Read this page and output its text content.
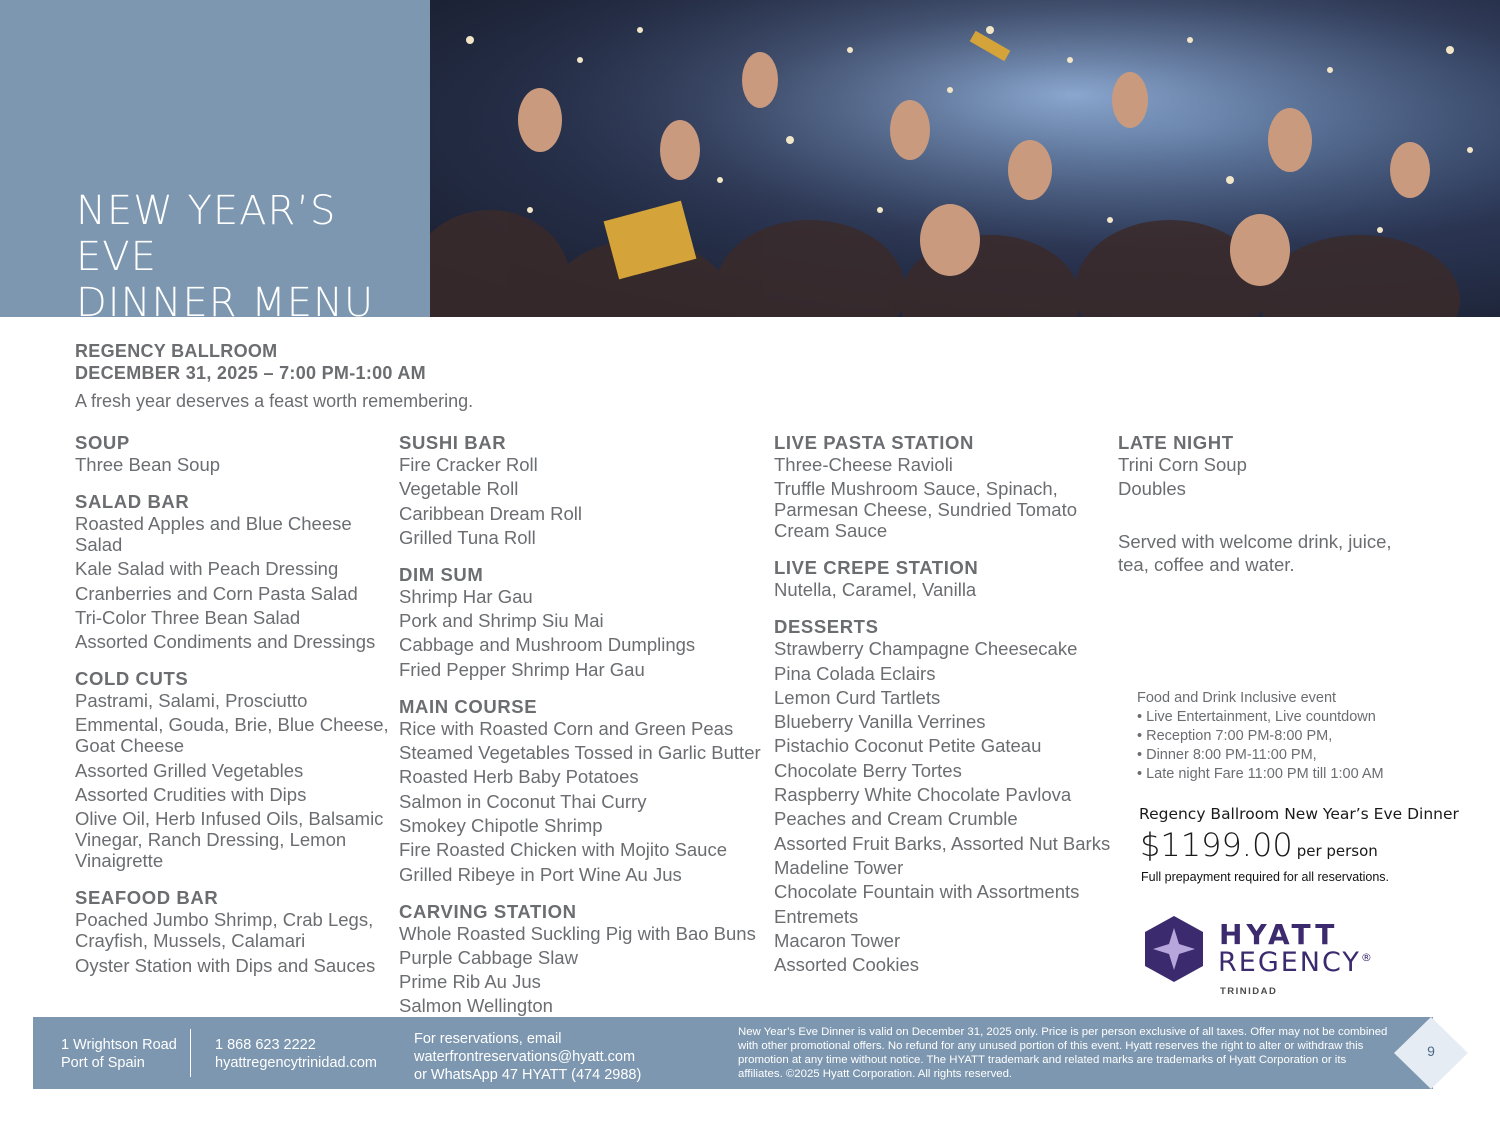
NEW YEAR’S EVE
DINNER MENU
REGENCY BALLROOM
DECEMBER 31, 2025 – 7:00 PM-1:00 AM
A fresh year deserves a feast worth remembering.
SOUP
Three Bean Soup
SALAD BAR
Roasted Apples and Blue Cheese Salad
Kale Salad with Peach Dressing
Cranberries and Corn Pasta Salad
Tri-Color Three Bean Salad
Assorted Condiments and Dressings
COLD CUTS
Pastrami, Salami, Prosciutto
Emmental, Gouda, Brie, Blue Cheese, Goat Cheese
Assorted Grilled Vegetables
Assorted Crudities with Dips
Olive Oil, Herb Infused Oils, Balsamic Vinegar, Ranch Dressing, Lemon Vinaigrette
SEAFOOD BAR
Poached Jumbo Shrimp, Crab Legs, Crayfish, Mussels, Calamari
Oyster Station with Dips and Sauces
SUSHI BAR
Fire Cracker Roll
Vegetable Roll
Caribbean Dream Roll
Grilled Tuna Roll
DIM SUM
Shrimp Har Gau
Pork and Shrimp Siu Mai
Cabbage and Mushroom Dumplings
Fried Pepper Shrimp Har Gau
MAIN COURSE
Rice with Roasted Corn and Green Peas
Steamed Vegetables Tossed in Garlic Butter
Roasted Herb Baby Potatoes
Salmon in Coconut Thai Curry
Smokey Chipotle Shrimp
Fire Roasted Chicken with Mojito Sauce
Grilled Ribeye in Port Wine Au Jus
CARVING STATION
Whole Roasted Suckling Pig with Bao Buns
Purple Cabbage Slaw
Prime Rib Au Jus
Salmon Wellington
LIVE PASTA STATION
Three-Cheese Ravioli
Truffle Mushroom Sauce, Spinach, Parmesan Cheese, Sundried Tomato Cream Sauce
LIVE CREPE STATION
Nutella, Caramel, Vanilla
DESSERTS
Strawberry Champagne Cheesecake
Pina Colada Eclairs
Lemon Curd Tartlets
Blueberry Vanilla Verrines
Pistachio Coconut Petite Gateau
Chocolate Berry Tortes
Raspberry White Chocolate Pavlova
Peaches and Cream Crumble
Assorted Fruit Barks, Assorted Nut Barks
Madeline Tower
Chocolate Fountain with Assortments
Entremets
Macaron Tower
Assorted Cookies
LATE NIGHT
Trini Corn Soup
Doubles
Served with welcome drink, juice, tea, coffee and water.
Food and Drink Inclusive event
• Live Entertainment, Live countdown
• Reception 7:00 PM-8:00 PM,
• Dinner 8:00 PM-11:00 PM,
• Late night Fare 11:00 PM till 1:00 AM
Regency Ballroom New Year’s Eve Dinner
$1199.00 per person
Full prepayment required for all reservations.
HYATT
REGENCY®
TRINIDAD
1 Wrightson Road
Port of Spain
1 868 623 2222
hyattregencytrinidad.com
For reservations, email
waterfrontreservations@hyatt.com
or WhatsApp 47 HYATT (474 2988)
New Year’s Eve Dinner is valid on December 31, 2025 only. Price is per person exclusive of all taxes. Offer may not be combined with other promotional offers. No refund for any unused portion of this event. Hyatt reserves the right to alter or withdraw this promotion at any time without notice. The HYATT trademark and related marks are trademarks of Hyatt Corporation or its affiliates. ©2025 Hyatt Corporation. All rights reserved.
9
